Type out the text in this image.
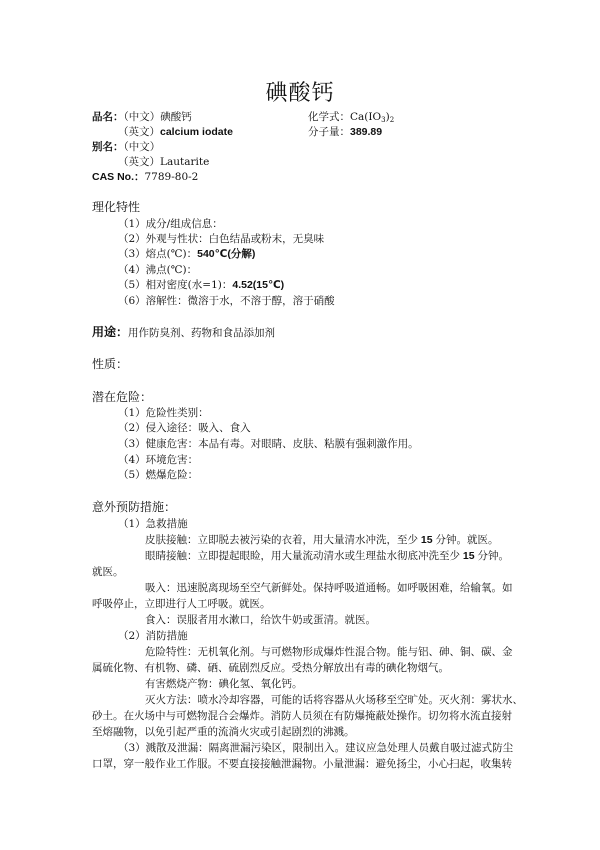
碘酸钙
品名：（中文）碘酸钙	化学式：$Ca(IO_3)_2$
（英文）calcium iodate	分子量：389.89
别名：（中文）
（英文）Lautarite
CAS No.：7789-80-2
理化特性
（1）成分/组成信息：
（2）外观与性状：白色结晶或粉末，无臭味
（3）熔点(℃)：540℃(分解)
（4）沸点(℃)：
（5）相对密度(水=1)：4.52(15℃)
（6）溶解性：微溶于水，不溶于醇，溶于硝酸
用途：用作防臭剂、药物和食品添加剂
性质：
潜在危险：
（1）危险性类别：
（2）侵入途径：吸入、食入
（3）健康危害：本品有毒。对眼睛、皮肤、粘膜有强刺激作用。
（4）环境危害：
（5）燃爆危险：
意外预防措施：
（1）急救措施
皮肤接触：立即脱去被污染的衣着，用大量清水冲洗，至少 15 分钟。就医。
眼睛接触：立即提起眼睑，用大量流动清水或生理盐水彻底冲洗至少 15 分钟。
就医。
吸入：迅速脱离现场至空气新鲜处。保持呼吸道通畅。如呼吸困难，给输氧。如
呼吸停止，立即进行人工呼吸。就医。
食入：误服者用水漱口，给饮牛奶或蛋清。就医。
（2）消防措施
危险特性：无机氧化剂。与可燃物形成爆炸性混合物。能与铝、砷、铜、碳、金
属硫化物、有机物、磷、硒、硫剧烈反应。受热分解放出有毒的碘化物烟气。
有害燃烧产物：碘化氢、氧化钙。
灭火方法：喷水冷却容器，可能的话将容器从火场移至空旷处。灭火剂：雾状水、
砂土。在火场中与可燃物混合会爆炸。消防人员须在有防爆掩蔽处操作。切勿将水流直接射
至熔融物，以免引起严重的流淌火灾或引起剧烈的沸溅。
（3）溅散及泄漏：隔离泄漏污染区，限制出入。建议应急处理人员戴自吸过滤式防尘
口罩，穿一般作业工作服。不要直接接触泄漏物。小量泄漏：避免扬尘，小心扫起，收集转
